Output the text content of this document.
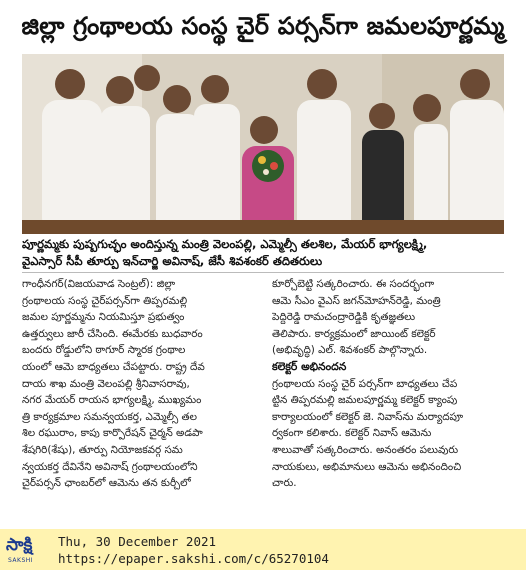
జిల్లా గ్రంథాలయ సంస్థ చైర్ పర్సన్‌గా జమలపూర్ణమ్మ
పూర్ణమ్మకు పుష్పగుచ్ఛం అందిస్తున్న మంత్రి వెలంపల్లి, ఎమ్మెల్సీ తలశిల, మేయర్ భాగ్యలక్ష్మి,
వైఎస్సార్ సీపీ తూర్పు ఇన్‌చార్జి అవినాష్, జేసీ శివశంకర్ తదితరులు
గాంధీనగర్(విజయవాడ సెంట్రల్): జిల్లా
గ్రంథాలయ సంస్థ చైర్‌పర్సన్‌గా తిప్పరమల్లి
జమల పూర్ణమ్మను నియమిస్తూ ప్రభుత్వం
ఉత్తర్వులు జారీ చేసింది. ఈమేరకు బుధవారం
బందరు రోడ్డులోని ఠాగూర్ స్మారక గ్రంథాల
యంలో ఆమె బాధ్యతలు చేపట్టారు. రాష్ట్ర దేవ
దాయ శాఖ మంత్రి వెలంపల్లి శ్రీనివాసరావు,
నగర మేయర్ రాయన భాగ్యలక్ష్మి, ముఖ్యమం
త్రి కార్యక్రమాల సమన్వయకర్త, ఎమ్మెల్సీ తల
శిల రఘురాం, కాపు కార్పొరేషన్ చైర్మన్ అడపా
శేషగిరి(శేషు), తూర్పు నియోజకవర్గ సమ
న్వయకర్త దేవినేని అవినాష్ గ్రంథాలయంలోని
చైర్‌పర్సన్ ఛాంబర్‌లో ఆమెను తన కుర్చీలో
కూర్చోబెట్టి సత్కరించారు. ఈ సందర్భంగా
ఆమె సీఎం వైఎస్ జగన్‌మోహన్‌రెడ్డి, మంత్రి
పెద్దిరెడ్డి రామచంద్రారెడ్డికి కృతజ్ఞతలు
తెలిపారు. కార్యక్రమంలో జాయింట్ కలెక్టర్
(అభివృద్ధి) ఎల్. శివశంకర్ పాల్గొన్నారు.
కలెక్టర్ అభినందన
గ్రంథాలయ సంస్థ చైర్ పర్సన్‌గా బాధ్యతలు చేప
ట్టిన తిప్పరమల్లి జమలపూర్ణమ్మ కలెక్టర్ క్యాంపు
కార్యాలయంలో కలెక్టర్ జె. నివాస్‌ను మర్యాదపూ
ర్వకంగా కలిశారు. కలెక్టర్ నివాస్ ఆమెను
శాలువాతో సత్కరించారు. అనంతరం పలువురు
నాయకులు, అభిమానులు ఆమెను అభినందించి
చారు.
సాక్షి
SAKSHI
Thu, 30 December 2021
https://epaper.sakshi.com/c/65270104
